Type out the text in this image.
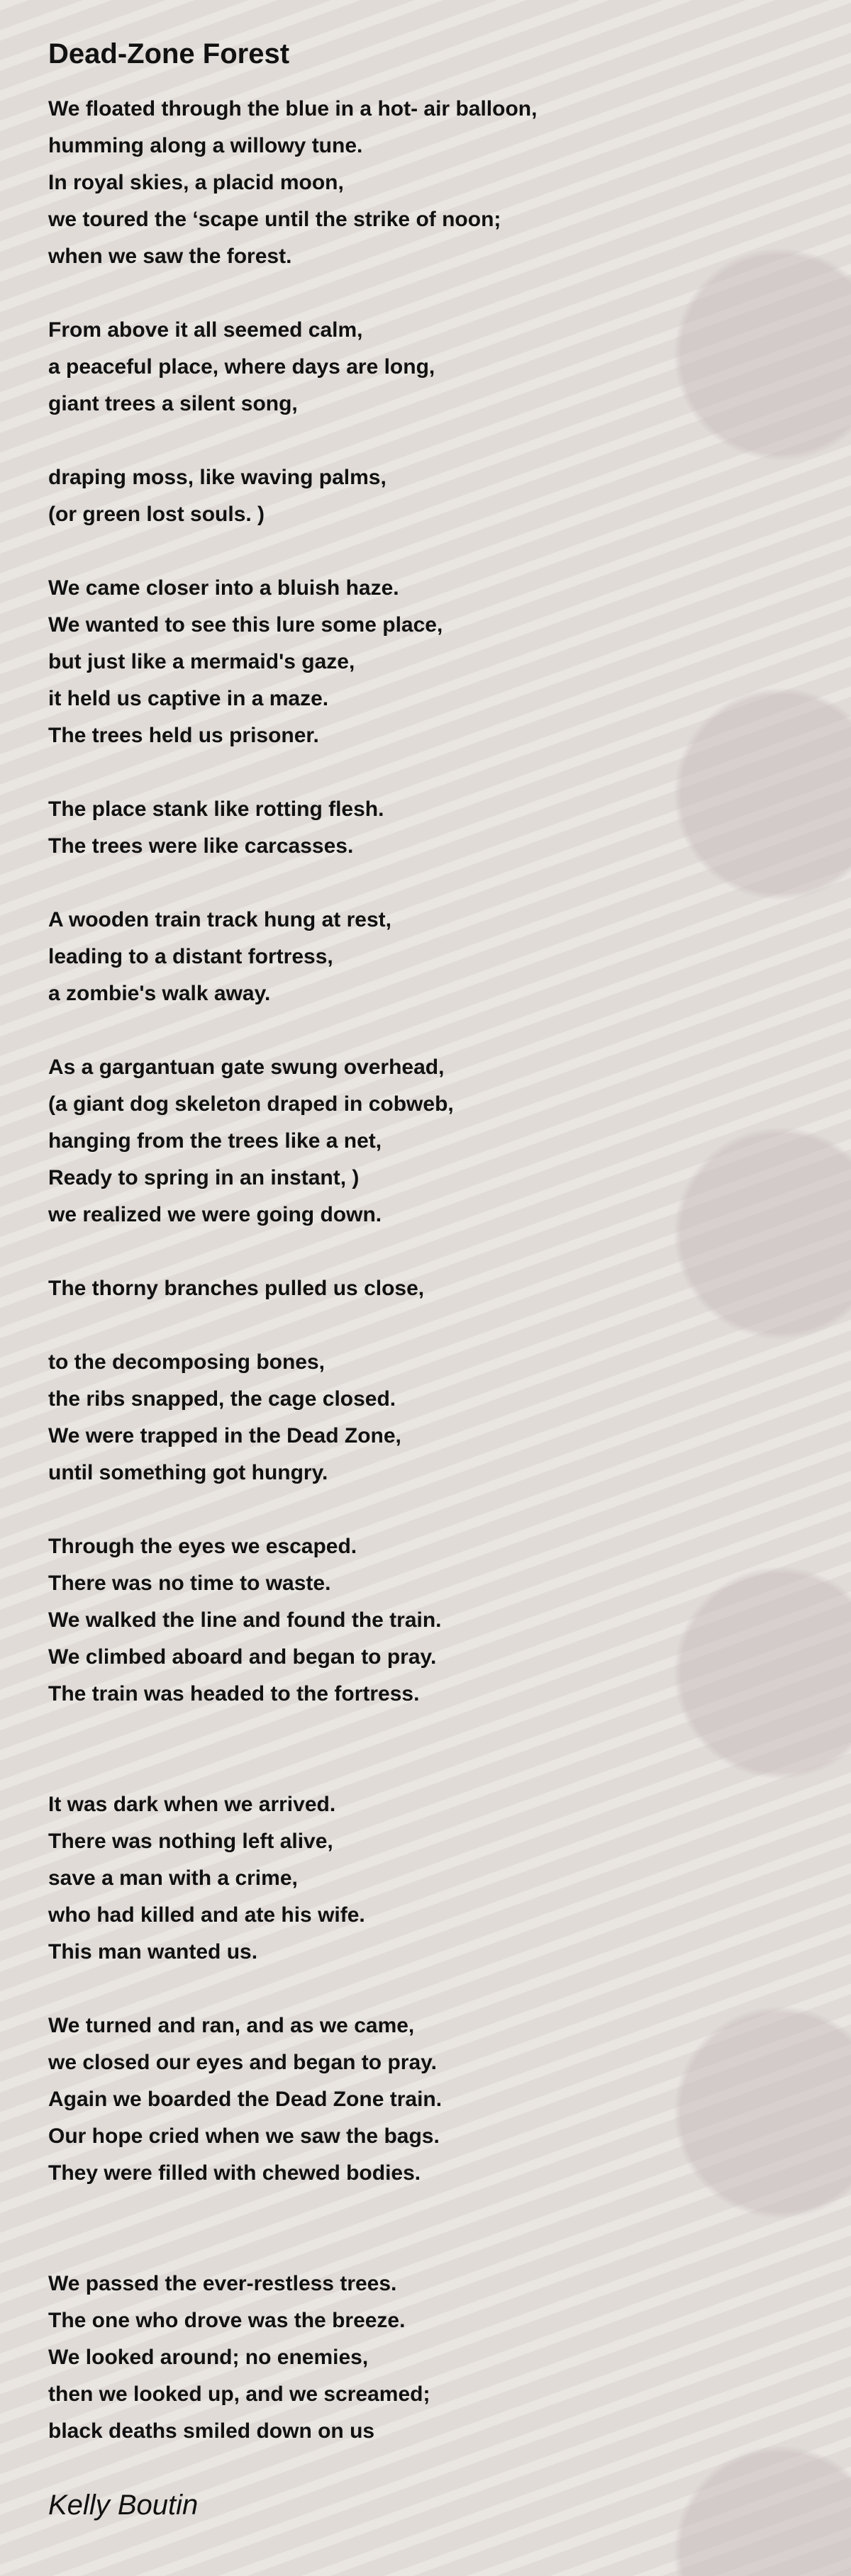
Dead-Zone Forest
We floated through the blue in a hot- air balloon,
humming along a willowy tune.
In royal skies, a placid moon,
we toured the ‘scape until the strike of noon;
when we saw the forest.
From above it all seemed calm,
a peaceful place, where days are long,
giant trees a silent song,
draping moss, like waving palms,
(or green lost souls. )
We came closer into a bluish haze.
We wanted to see this lure some place,
but just like a mermaid's gaze,
it held us captive in a maze.
The trees held us prisoner.
The place stank like rotting flesh.
The trees were like carcasses.
A wooden train track hung at rest,
leading to a distant fortress,
a zombie's walk away.
As a gargantuan gate swung overhead,
(a giant dog skeleton draped in cobweb,
hanging from the trees like a net,
Ready to spring in an instant, )
we realized we were going down.
The thorny branches pulled us close,
to the decomposing bones,
the ribs snapped, the cage closed.
We were trapped in the Dead Zone,
until something got hungry.
Through the eyes we escaped.
There was no time to waste.
We walked the line and found the train.
We climbed aboard and began to pray.
The train was headed to the fortress.
It was dark when we arrived.
There was nothing left alive,
save a man with a crime,
who had killed and ate his wife.
This man wanted us.
We turned and ran, and as we came,
we closed our eyes and began to pray.
Again we boarded the Dead Zone train.
Our hope cried when we saw the bags.
They were filled with chewed bodies.
We passed the ever-restless trees.
The one who drove was the breeze.
We looked around; no enemies,
then we looked up, and we screamed;
black deaths smiled down on us
Kelly Boutin
